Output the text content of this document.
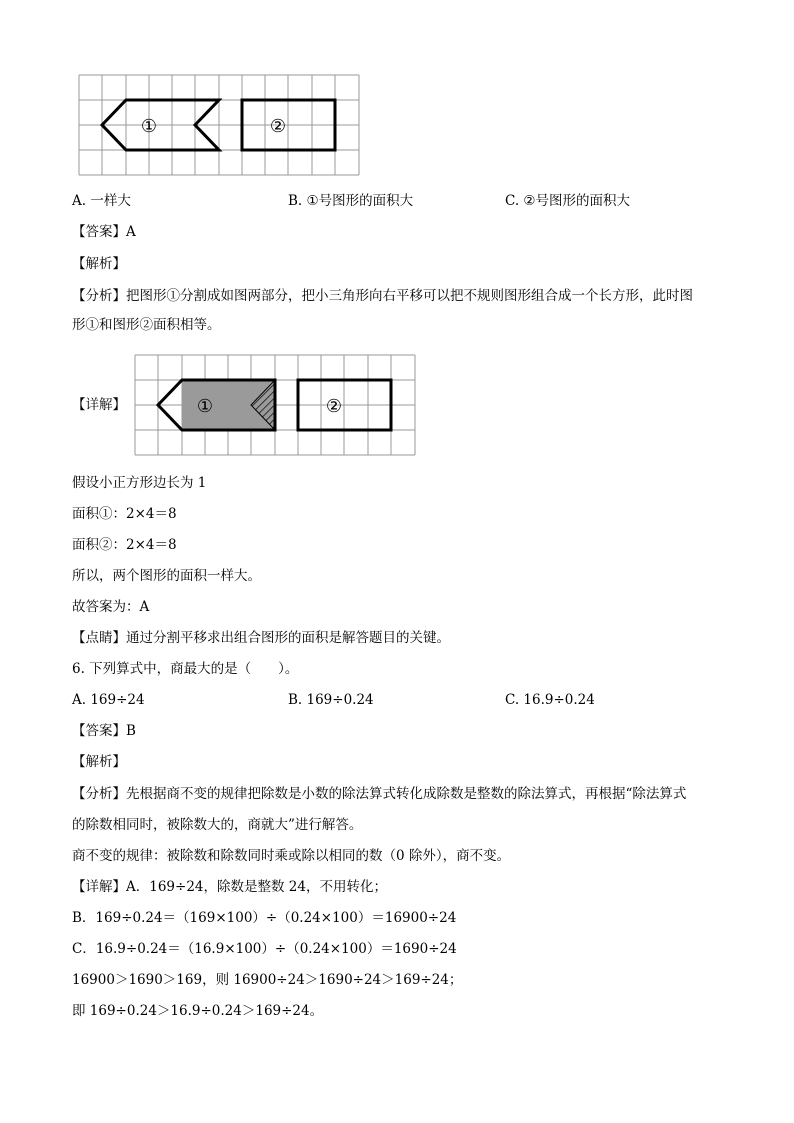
①	②
A. 一样大	B. ①号图形的面积大	C. ②号图形的面积大
【答案】A
【解析】
【分析】把图形①分割成如图两部分，把小三角形向右平移可以把不规则图形组合成一个长方形，此时图
形①和图形②面积相等。
【详解】	①	②
假设小正方形边长为 1
面积①：2×4＝8
面积②：2×4＝8
所以，两个图形的面积一样大。
故答案为：A
【点睛】通过分割平移求出组合图形的面积是解答题目的关键。
6. 下列算式中，商最大的是（　　）。
A. 169÷24	B. 169÷0.24	C. 16.9÷0.24
【答案】B
【解析】
【分析】先根据商不变的规律把除数是小数的除法算式转化成除数是整数的除法算式，再根据“除法算式
的除数相同时，被除数大的，商就大”进行解答。
商不变的规律：被除数和除数同时乘或除以相同的数（0 除外），商不变。
【详解】A．169÷24，除数是整数 24，不用转化；
B．169÷0.24＝（169×100）÷（0.24×100）＝16900÷24
C．16.9÷0.24＝（16.9×100）÷（0.24×100）＝1690÷24
16900＞1690＞169，则 16900÷24＞1690÷24＞169÷24；
即 169÷0.24＞16.9÷0.24＞169÷24。
